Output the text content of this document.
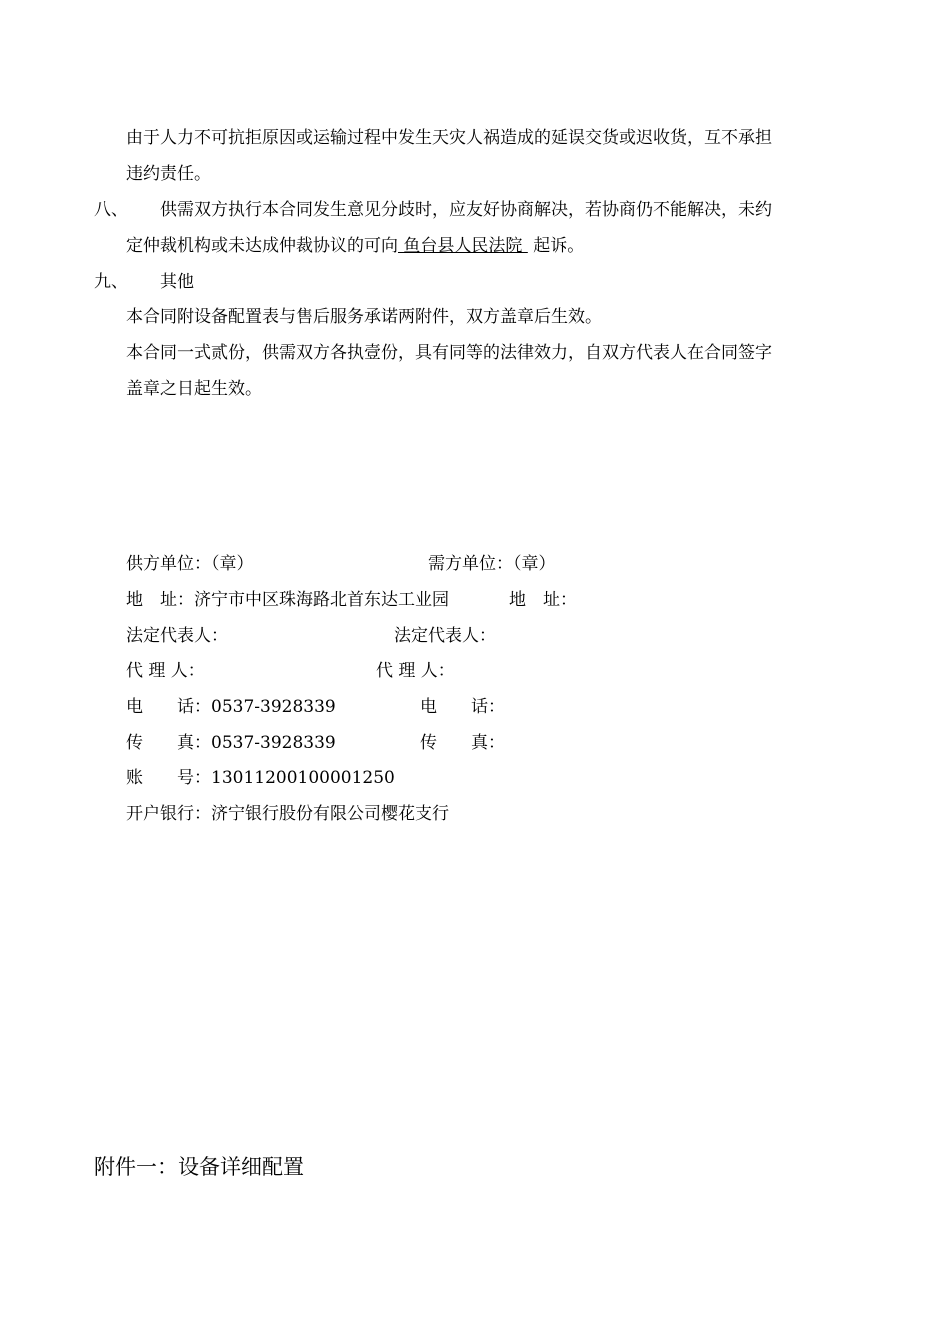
由于人力不可抗拒原因或运输过程中发生天灾人祸造成的延误交货或迟收货，互不承担
违约责任。
八、 供需双方执行本合同发生意见分歧时，应友好协商解决，若协商仍不能解决，未约
定仲裁机构或未达成仲裁协议的可向 鱼台县人民法院  起诉。
九、 其他
本合同附设备配置表与售后服务承诺两附件，双方盖章后生效。
本合同一式贰份，供需双方各执壹份，具有同等的法律效力，自双方代表人在合同签字
盖章之日起生效。
供方单位：（章）	需方单位：（章）
地　址：济宁市中区珠海路北首东达工业园	地　址：
法定代表人：	法定代表人：
代 理 人：	代 理 人：
电　　话：0537-3928339	电　　话：
传　　真：0537-3928339	传　　真：
账　　号：13011200100001250
开户银行：济宁银行股份有限公司樱花支行
附件一：设备详细配置
